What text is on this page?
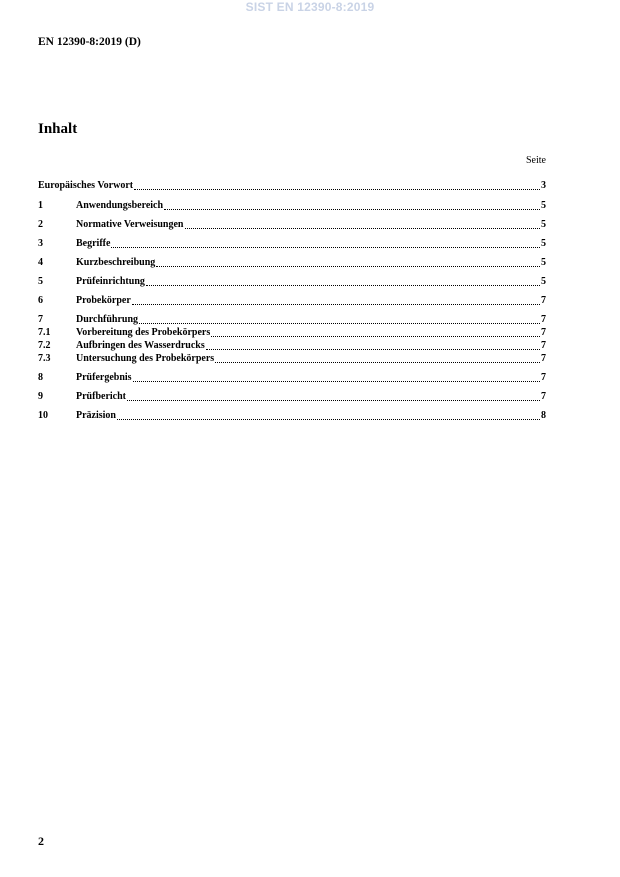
SIST EN 12390-8:2019
EN 12390-8:2019 (D)
Inhalt
Seite
Europäisches Vorwort	3
1	Anwendungsbereich	5
2	Normative Verweisungen	5
3	Begriffe	5
4	Kurzbeschreibung	5
5	Prüfeinrichtung	5
6	Probekörper	7
7	Durchführung	7
7.1	Vorbereitung des Probekörpers	7
7.2	Aufbringen des Wasserdrucks	7
7.3	Untersuchung des Probekörpers	7
8	Prüfergebnis	7
9	Prüfbericht	7
10	Präzision	8
2
